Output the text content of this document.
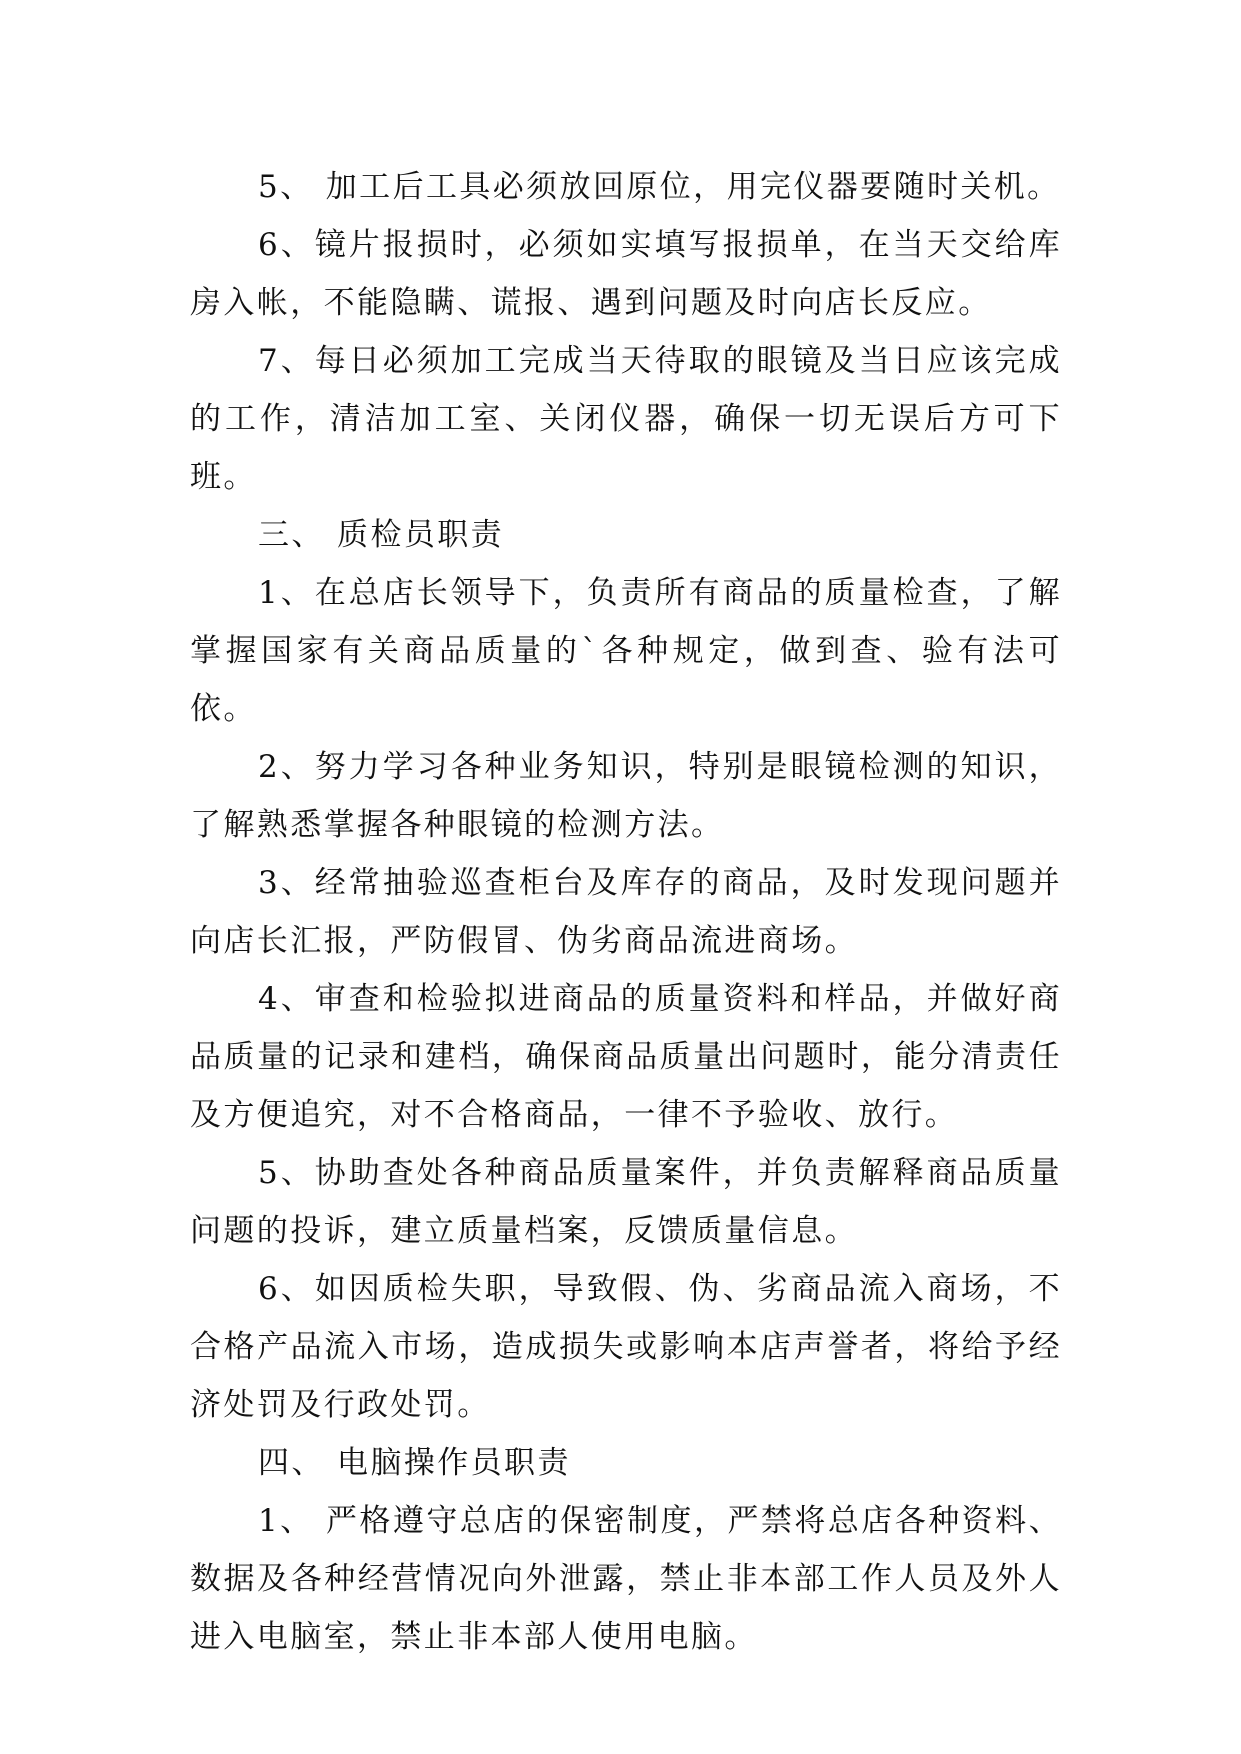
5、 加工后工具必须放回原位，用完仪器要随时关机。

6、镜片报损时，必须如实填写报损单，在当天交给库房入帐，不能隐瞒、谎报、遇到问题及时向店长反应。

7、每日必须加工完成当天待取的眼镜及当日应该完成的工作，清洁加工室、关闭仪器，确保一切无误后方可下班。

三、 质检员职责

1、在总店长领导下，负责所有商品的质量检查，了解掌握国家有关商品质量的`各种规定，做到查、验有法可依。

2、努力学习各种业务知识，特别是眼镜检测的知识，了解熟悉掌握各种眼镜的检测方法。

3、经常抽验巡查柜台及库存的商品，及时发现问题并向店长汇报，严防假冒、伪劣商品流进商场。

4、审查和检验拟进商品的质量资料和样品，并做好商品质量的记录和建档，确保商品质量出问题时，能分清责任及方便追究，对不合格商品，一律不予验收、放行。

5、协助查处各种商品质量案件，并负责解释商品质量问题的投诉，建立质量档案，反馈质量信息。

6、如因质检失职，导致假、伪、劣商品流入商场，不合格产品流入市场，造成损失或影响本店声誉者，将给予经济处罚及行政处罚。

四、 电脑操作员职责

1、 严格遵守总店的保密制度，严禁将总店各种资料、数据及各种经营情况向外泄露，禁止非本部工作人员及外人进入电脑室，禁止非本部人使用电脑。
